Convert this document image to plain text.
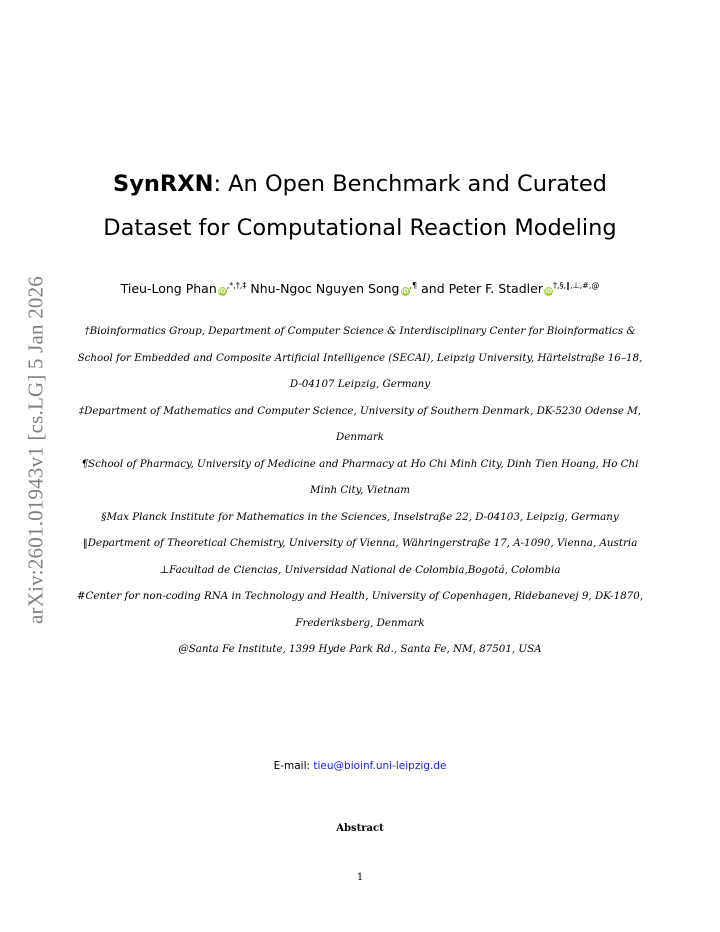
arXiv:2601.01943v1 [cs.LG] 5 Jan 2026
SynRXN: An Open Benchmark and Curated
Dataset for Computational Reaction Modeling
Tieu-Long Phan iD,*,†,‡ Nhu-Ngoc Nguyen Song iD,¶ and Peter F. Stadler iD†,§,‖,⊥,#,@
†Bioinformatics Group, Department of Computer Science & Interdisciplinary Center for Bioinformatics & School for Embedded and Composite Artificial Intelligence (SECAI), Leipzig University, Härtelstraße 16–18, D-04107 Leipzig, Germany
‡Department of Mathematics and Computer Science, University of Southern Denmark, DK-5230 Odense M, Denmark
¶School of Pharmacy, University of Medicine and Pharmacy at Ho Chi Minh City, Dinh Tien Hoang, Ho Chi Minh City, Vietnam
§Max Planck Institute for Mathematics in the Sciences, Inselstraße 22, D-04103, Leipzig, Germany
‖Department of Theoretical Chemistry, University of Vienna, Währingerstraße 17, A-1090, Vienna, Austria
⊥Facultad de Ciencias, Universidad National de Colombia,Bogotá, Colombia
#Center for non-coding RNA in Technology and Health, University of Copenhagen, Ridebanevej 9, DK-1870, Frederiksberg, Denmark
@Santa Fe Institute, 1399 Hyde Park Rd., Santa Fe, NM, 87501, USA
E-mail: tieu@bioinf.uni-leipzig.de
Abstract
1
